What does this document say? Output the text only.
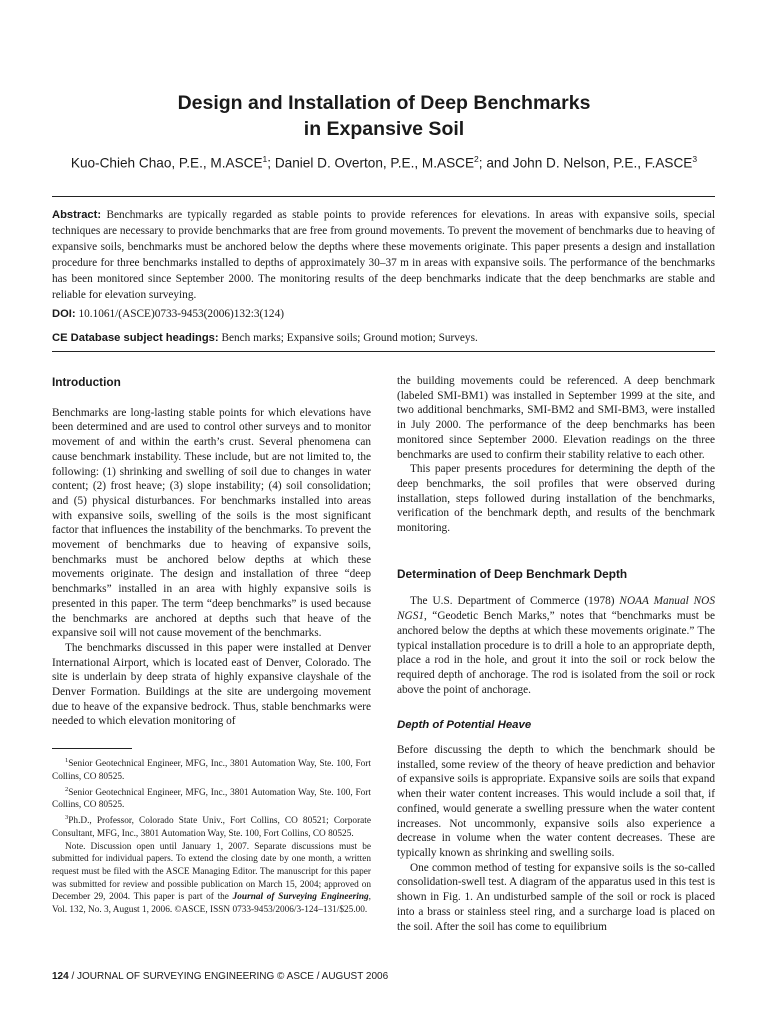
Design and Installation of Deep Benchmarks
in Expansive Soil
Kuo-Chieh Chao, P.E., M.ASCE$^1$; Daniel D. Overton, P.E., M.ASCE$^2$; and John D. Nelson, P.E., F.ASCE$^3$
Abstract: Benchmarks are typically regarded as stable points to provide references for elevations. In areas with expansive soils, special techniques are necessary to provide benchmarks that are free from ground movements. To prevent the movement of benchmarks due to heaving of expansive soils, benchmarks must be anchored below the depths where these movements originate. This paper presents a design and installation procedure for three benchmarks installed to depths of approximately 30–37 m in areas with expansive soils. The performance of the benchmarks has been monitored since September 2000. The monitoring results of the deep benchmarks indicate that the deep benchmarks are stable and reliable for elevation surveying.
DOI: 10.1061/(ASCE)0733-9453(2006)132:3(124)
CE Database subject headings: Bench marks; Expansive soils; Ground motion; Surveys.

Introduction

Benchmarks are long-lasting stable points for which elevations have been determined and are used to control other surveys and to monitor movement of and within the earth’s crust. Several phenomena can cause benchmark instability. These include, but are not limited to, the following: (1) shrinking and swelling of soil due to changes in water content; (2) frost heave; (3) slope instability; (4) soil consolidation; and (5) physical disturbances. For benchmarks installed into areas with expansive soils, swelling of the soils is the most significant factor that influences the instability of the benchmarks. To prevent the movement of benchmarks due to heaving of expansive soils, benchmarks must be anchored below depths at which these movements originate. The design and installation of three “deep benchmarks” installed in an area with highly expansive soils is presented in this paper. The term “deep benchmarks” is used because the benchmarks are anchored at depths such that heave of the expansive soil will not cause movement of the benchmarks.

The benchmarks discussed in this paper were installed at Denver International Airport, which is located east of Denver, Colorado. The site is underlain by deep strata of highly expansive clayshale of the Denver Formation. Buildings at the site are undergoing movement due to heave of the expansive bedrock. Thus, stable benchmarks were needed to which elevation monitoring of

$^1$Senior Geotechnical Engineer, MFG, Inc., 3801 Automation Way, Ste. 100, Fort Collins, CO 80525.

$^2$Senior Geotechnical Engineer, MFG, Inc., 3801 Automation Way, Ste. 100, Fort Collins, CO 80525.

$^3$Ph.D., Professor, Colorado State Univ., Fort Collins, CO 80521; Corporate Consultant, MFG, Inc., 3801 Automation Way, Ste. 100, Fort Collins, CO 80525.

Note. Discussion open until January 1, 2007. Separate discussions must be submitted for individual papers. To extend the closing date by one month, a written request must be filed with the ASCE Managing Editor. The manuscript for this paper was submitted for review and possible publication on March 15, 2004; approved on December 29, 2004. This paper is part of the Journal of Surveying Engineering, Vol. 132, No. 3, August 1, 2006. ©ASCE, ISSN 0733-9453/2006/3-124–131/$25.00.

the building movements could be referenced. A deep benchmark (labeled SMI-BM1) was installed in September 1999 at the site, and two additional benchmarks, SMI-BM2 and SMI-BM3, were installed in July 2000. The performance of the deep benchmarks has been monitored since September 2000. Elevation readings on the three benchmarks are used to confirm their stability relative to each other.

This paper presents procedures for determining the depth of the deep benchmarks, the soil profiles that were observed during installation, steps followed during installation of the benchmarks, verification of the benchmark depth, and results of the benchmark monitoring.

Determination of Deep Benchmark Depth

The U.S. Department of Commerce (1978) NOAA Manual NOS NGS1, “Geodetic Bench Marks,” notes that “benchmarks must be anchored below the depths at which these movements originate.” The typical installation procedure is to drill a hole to an appropriate depth, place a rod in the hole, and grout it into the soil or rock below the required depth of anchorage. The rod is isolated from the soil or rock above the point of anchorage.

Depth of Potential Heave

Before discussing the depth to which the benchmark should be installed, some review of the theory of heave prediction and behavior of expansive soils is appropriate. Expansive soils are soils that expand when their water content increases. This would include a soil that, if confined, would generate a swelling pressure when the water content increases. Not uncommonly, expansive soils also experience a decrease in volume when the water content decreases. These are typically known as shrinking and swelling soils.

One common method of testing for expansive soils is the so-called consolidation-swell test. A diagram of the apparatus used in this test is shown in Fig. 1. An undisturbed sample of the soil or rock is placed into a brass or stainless steel ring, and a surcharge load is placed on the soil. After the soil has come to equilibrium

124 / JOURNAL OF SURVEYING ENGINEERING © ASCE / AUGUST 2006
